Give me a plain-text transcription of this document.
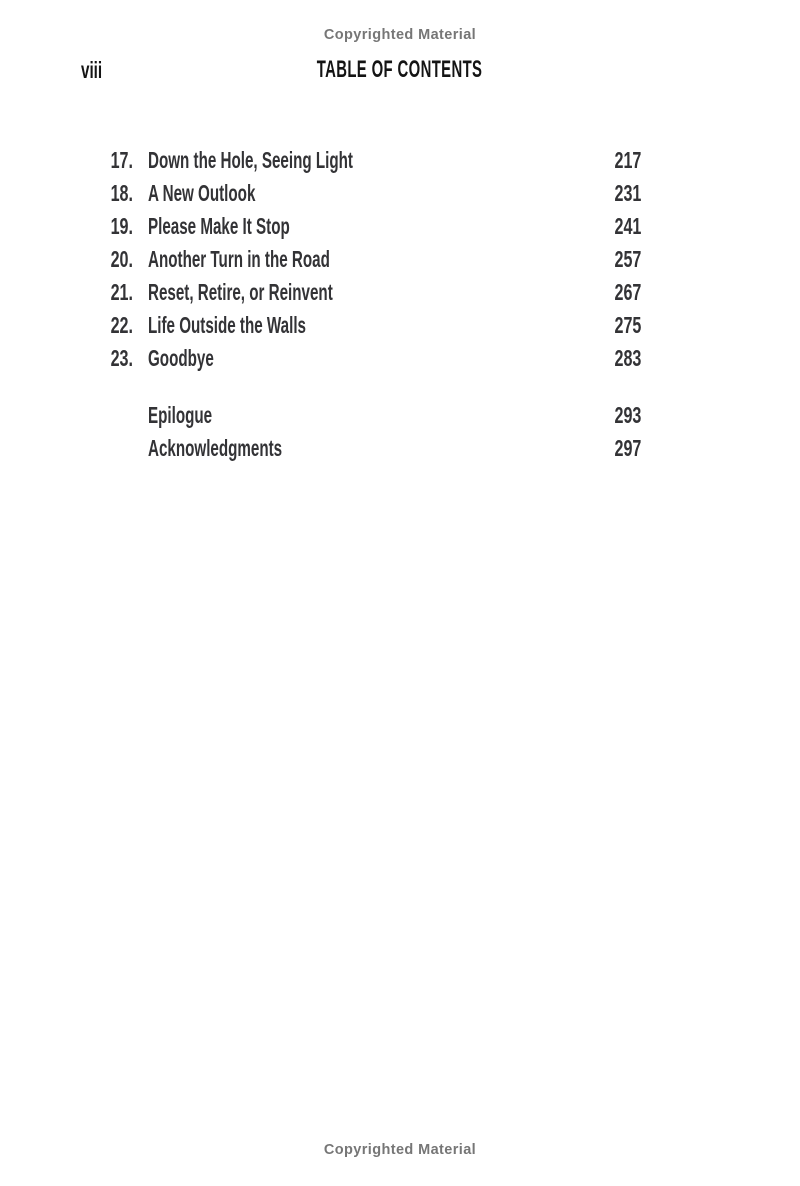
Copyrighted Material
viii	TABLE OF CONTENTS
17. Down the Hole, Seeing Light	217
18. A New Outlook	231
19. Please Make It Stop	241
20. Another Turn in the Road	257
21. Reset, Retire, or Reinvent	267
22. Life Outside the Walls	275
23. Goodbye	283
Epilogue	293
Acknowledgments	297
Copyrighted Material
